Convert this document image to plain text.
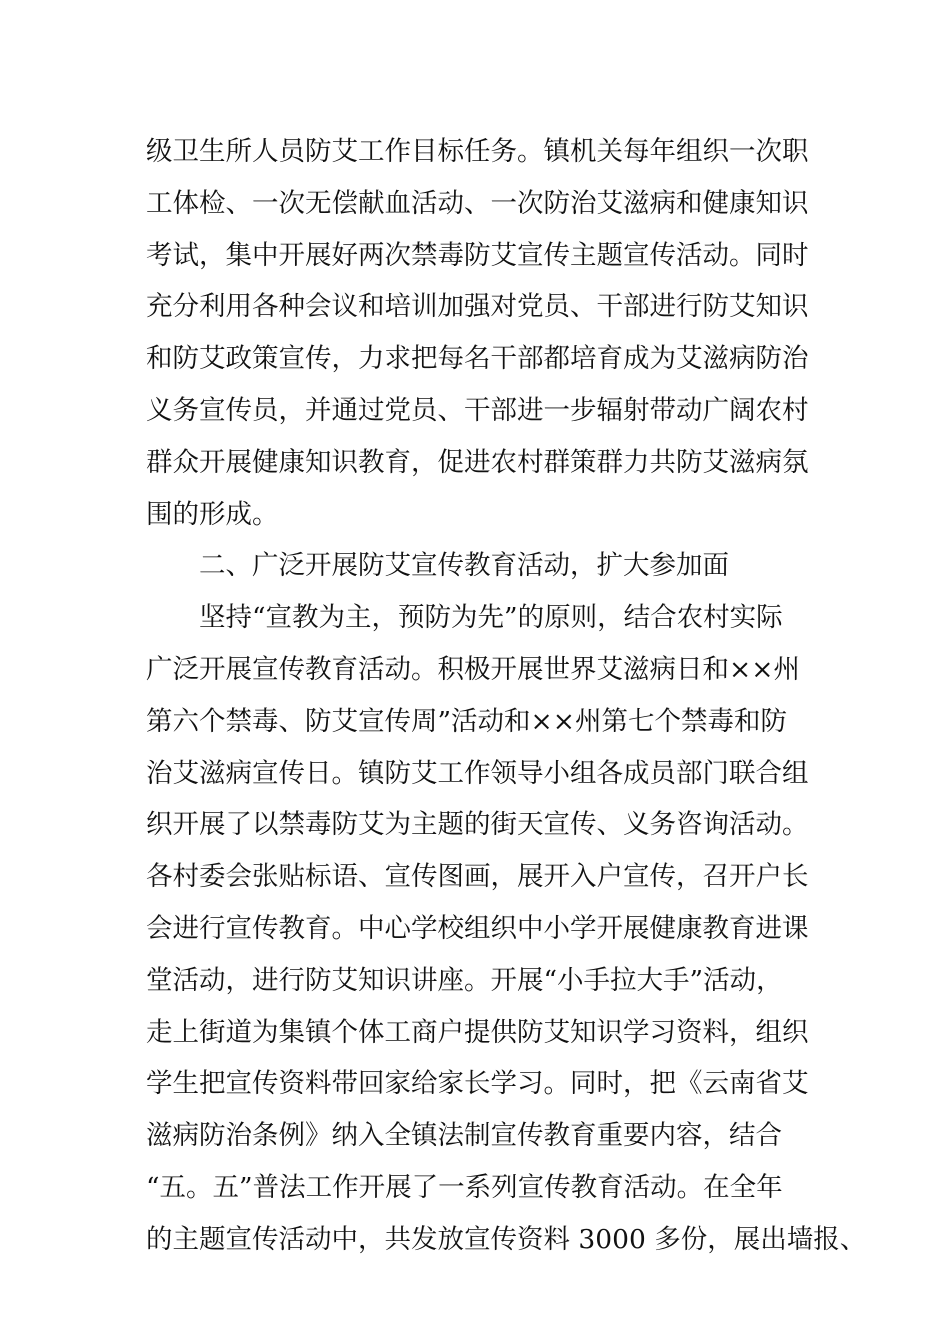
级卫生所人员防艾工作目标任务。镇机关每年组织一次职
工体检、一次无偿献血活动、一次防治艾滋病和健康知识
考试，集中开展好两次禁毒防艾宣传主题宣传活动。同时
充分利用各种会议和培训加强对党员、干部进行防艾知识
和防艾政策宣传，力求把每名干部都培育成为艾滋病防治
义务宣传员，并通过党员、干部进一步辐射带动广阔农村
群众开展健康知识教育，促进农村群策群力共防艾滋病氛
围的形成。
二、广泛开展防艾宣传教育活动，扩大参加面
坚持“宣教为主，预防为先”的原则，结合农村实际
广泛开展宣传教育活动。积极开展世界艾滋病日和××州
第六个禁毒、防艾宣传周”活动和××州第七个禁毒和防
治艾滋病宣传日。镇防艾工作领导小组各成员部门联合组
织开展了以禁毒防艾为主题的街天宣传、义务咨询活动。
各村委会张贴标语、宣传图画，展开入户宣传，召开户长
会进行宣传教育。中心学校组织中小学开展健康教育进课
堂活动，进行防艾知识讲座。开展“小手拉大手”活动，
走上街道为集镇个体工商户提供防艾知识学习资料，组织
学生把宣传资料带回家给家长学习。同时，把《云南省艾
滋病防治条例》纳入全镇法制宣传教育重要内容，结合
“五。五”普法工作开展了一系列宣传教育活动。在全年
的主题宣传活动中，共发放宣传资料 3000 多份，展出墙报、
